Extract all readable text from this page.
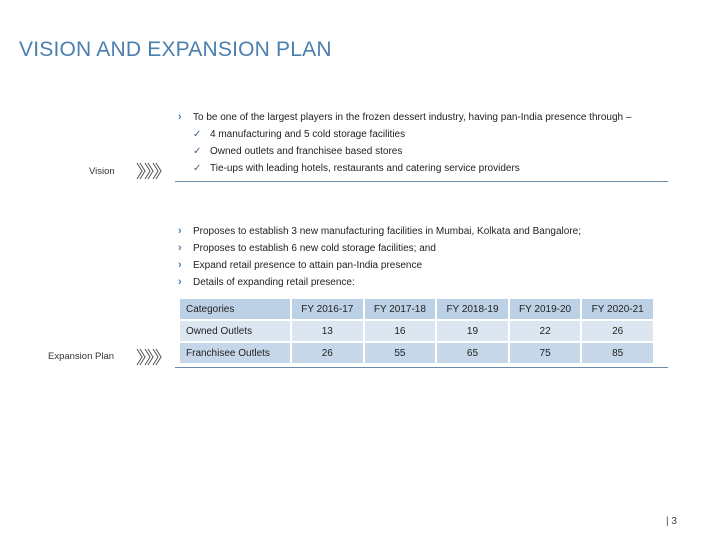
VISION AND EXPANSION PLAN
Vision
› To be one of the largest players in the frozen dessert industry, having pan-India presence through –
✓ 4 manufacturing and 5 cold storage facilities
✓ Owned outlets and franchisee based stores
✓ Tie-ups with leading hotels, restaurants and catering service providers
› Proposes to establish 3 new manufacturing facilities in Mumbai, Kolkata and Bangalore;
› Proposes to establish 6 new cold storage facilities; and
› Expand retail presence to attain pan-India presence
› Details of expanding retail presence:
Expansion Plan
Categories	FY 2016-17	FY 2017-18	FY 2018-19	FY 2019-20	FY 2020-21
Owned Outlets	13	16	19	22	26
Franchisee Outlets	26	55	65	75	85
| 3
